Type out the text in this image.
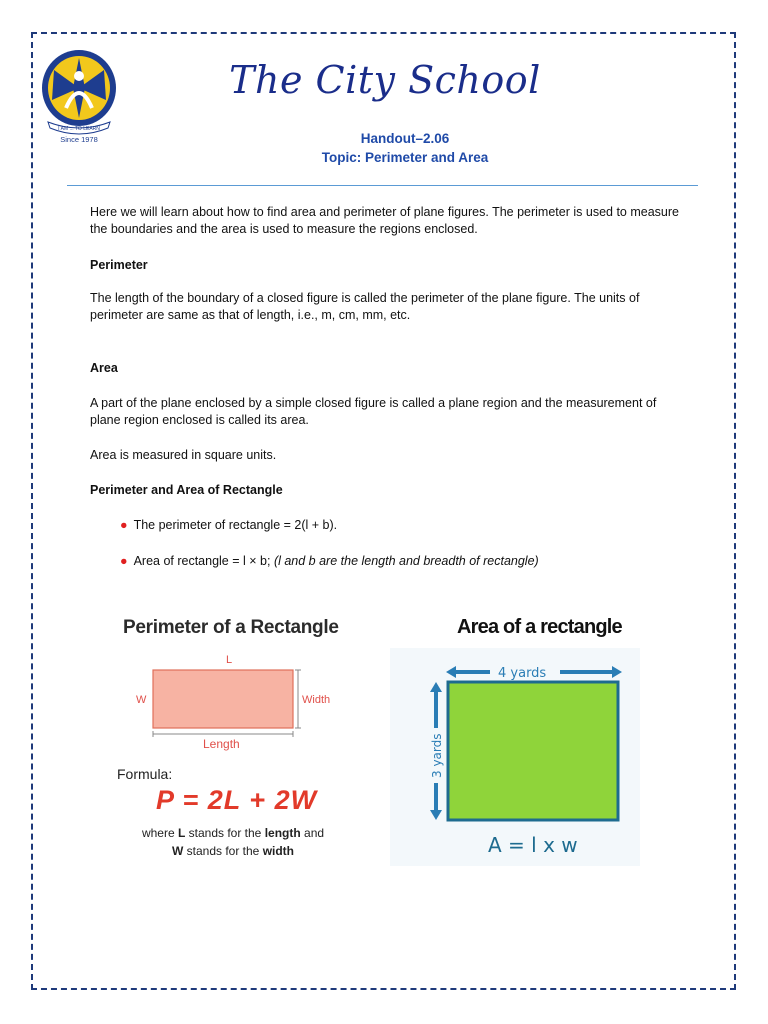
I AM ... TO LEARN
Since 1978
The City School
Handout–2.06
Topic: Perimeter and Area
Here we will learn about how to find area and perimeter of plane figures. The perimeter is used to measure the boundaries and the area is used to measure the regions enclosed.
Perimeter
The length of the boundary of a closed figure is called the perimeter of the plane figure. The units of perimeter are same as that of length, i.e., m, cm, mm, etc.
Area
A part of the plane enclosed by a simple closed figure is called a plane region and the measurement of plane region enclosed is called its area.
Area is measured in square units.
Perimeter and Area of Rectangle
● The perimeter of rectangle = 2(l + b).
● Area of rectangle = l × b; (l and b are the length and breadth of rectangle)
Perimeter of a Rectangle
L
W	Width
Length
Formula:
P = 2L + 2W
where L stands for the length and
W stands for the width
Area of a rectangle
4 yards
3 yards
A = l x w
